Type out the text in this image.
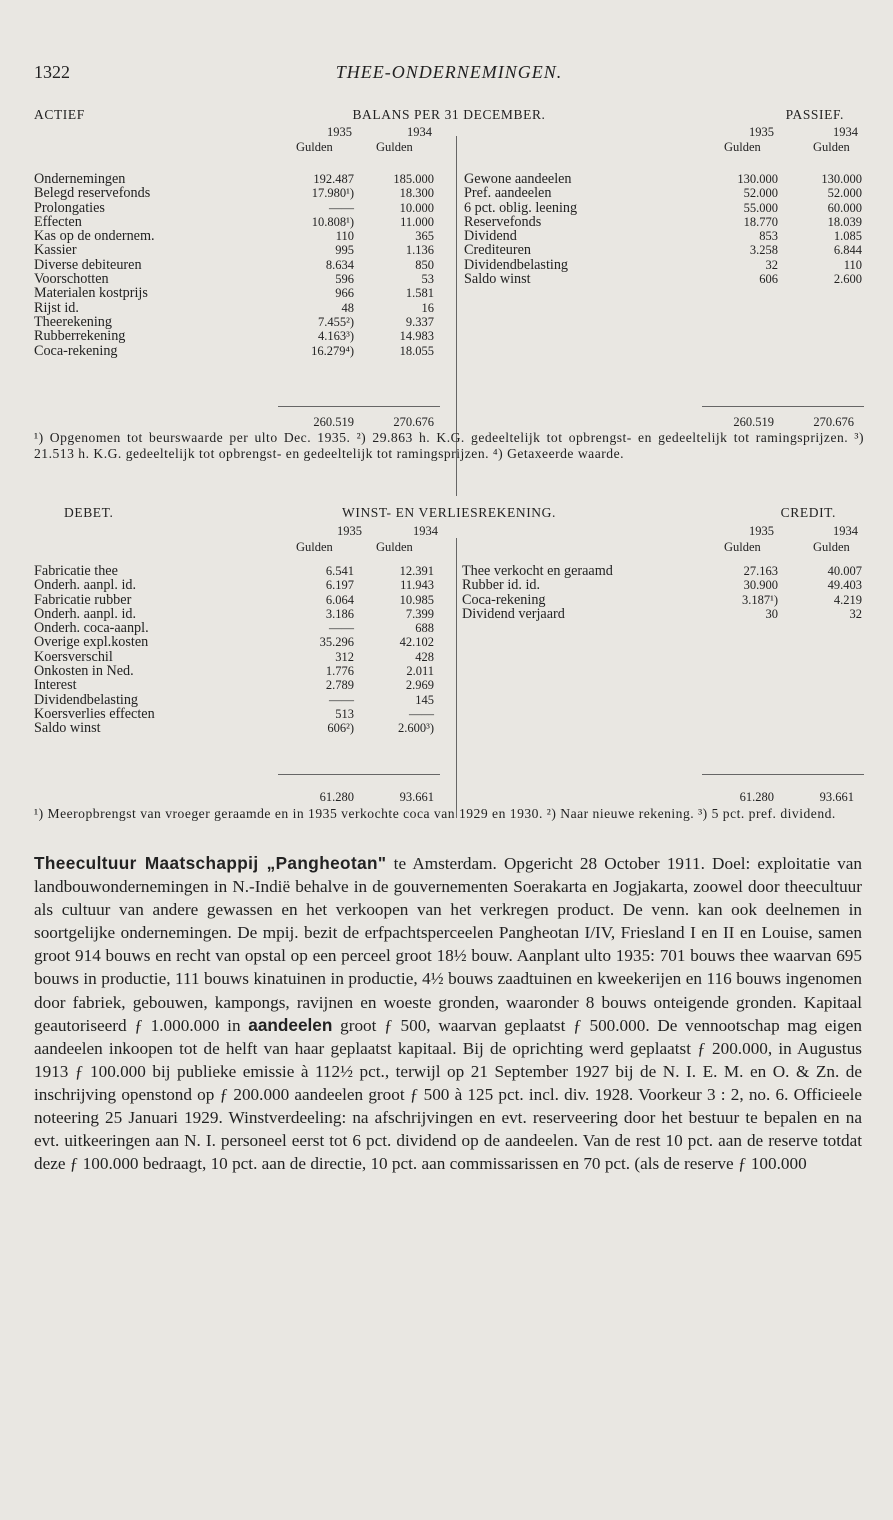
THEE-ONDERNEMINGEN.
1322
BALANS PER 31 DECEMBER.
ACTIEF	PASSIEF.
1935	1934	1935	1934
Gulden	Gulden	Gulden	Gulden
Ondernemingen	192.487	185.000
Belegd reservefonds	17.980¹)	18.300
Prolongaties	——	10.000
Effecten	10.808¹)	11.000
Kas op de ondernem.	110	365
Kassier	995	1.136
Diverse debiteuren	8.634	850
Voorschotten	596	53
Materialen kostprijs	966	1.581
Rijst id.	48	16
Theerekening	7.455²)	9.337
Rubberrekening	4.163³)	14.983
Coca-rekening	16.279⁴)	18.055
Gewone aandeelen	130.000	130.000
Pref. aandeelen	52.000	52.000
6 pct. oblig. leening	55.000	60.000
Reservefonds	18.770	18.039
Dividend	853	1.085
Crediteuren	3.258	6.844
Dividendbelasting	32	110
Saldo winst	606	2.600
260.519	270.676	260.519	270.676
¹) Opgenomen tot beurswaarde per ulto Dec. 1935. ²) 29.863 h. K.G. gedeeltelijk tot opbrengst- en gedeeltelijk tot ramingsprijzen. ³) 21.513 h. K.G. gedeeltelijk tot opbrengst- en gedeeltelijk tot ramingsprijzen. ⁴) Getaxeerde waarde.
WINST- EN VERLIESREKENING.
DEBET.	CREDIT.
1935	1934	1935	1934
Gulden	Gulden	Gulden	Gulden
Fabricatie thee	6.541	12.391
Onderh. aanpl. id.	6.197	11.943
Fabricatie rubber	6.064	10.985
Onderh. aanpl. id.	3.186	7.399
Onderh. coca-aanpl.	——	688
Overige expl.kosten	35.296	42.102
Koersverschil	312	428
Onkosten in Ned.	1.776	2.011
Interest	2.789	2.969
Dividendbelasting	——	145
Koersverlies effecten	513	——
Saldo winst	606²)	2.600³)
Thee verkocht en geraamd	27.163	40.007
Rubber id. id.	30.900	49.403
Coca-rekening	3.187¹)	4.219
Dividend verjaard	30	32
61.280	93.661	61.280	93.661
¹) Meeropbrengst van vroeger geraamde en in 1935 verkochte coca van 1929 en 1930. ²) Naar nieuwe rekening. ³) 5 pct. pref. dividend.
Theecultuur Maatschappij „Pangheotan" te Amsterdam. Opgericht 28 October 1911. Doel: exploitatie van landbouwondernemingen in N.-Indië behalve in de gouvernementen Soerakarta en Jogjakarta, zoowel door theecultuur als cultuur van andere gewassen en het verkoopen van het verkregen product. De venn. kan ook deelnemen in soortgelijke ondernemingen. De mpij. bezit de erfpachtsperceelen Pangheotan I/IV, Friesland I en II en Louise, samen groot 914 bouws en recht van opstal op een perceel groot 18½ bouw. Aanplant ulto 1935: 701 bouws thee waarvan 695 bouws in productie, 111 bouws kinatuinen in productie, 4½ bouws zaadtuinen en kweekerijen en 116 bouws ingenomen door fabriek, gebouwen, kampongs, ravijnen en woeste gronden, waaronder 8 bouws onteigende gronden. Kapitaal geautoriseerd ƒ 1.000.000 in aandeelen groot ƒ 500, waarvan geplaatst ƒ 500.000. De vennootschap mag eigen aandeelen inkoopen tot de helft van haar geplaatst kapitaal. Bij de oprichting werd geplaatst ƒ 200.000, in Augustus 1913 ƒ 100.000 bij publieke emissie à 112½ pct., terwijl op 21 September 1927 bij de N. I. E. M. en O. & Zn. de inschrijving openstond op ƒ 200.000 aandeelen groot ƒ 500 à 125 pct. incl. div. 1928. Voorkeur 3 : 2, no. 6. Officieele noteering 25 Januari 1929. Winstverdeeling: na afschrijvingen en evt. reserveering door het bestuur te bepalen en na evt. uitkeeringen aan N. I. personeel eerst tot 6 pct. dividend op de aandeelen. Van de rest 10 pct. aan de reserve totdat deze ƒ 100.000 bedraagt, 10 pct. aan de directie, 10 pct. aan commissarissen en 70 pct. (als de reserve ƒ 100.000
